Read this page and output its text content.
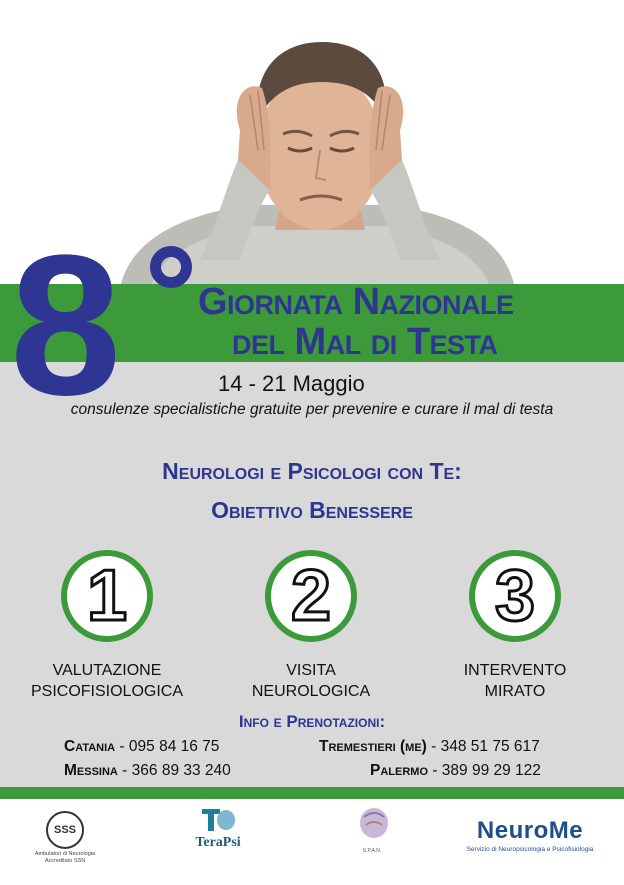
8 Giornata Nazionale
del Mal di Testa
14 - 21 Maggio
consulenze specialistiche gratuite per prevenire e curare il mal di testa
Neurologi e Psicologi con Te:
Obiettivo Benessere
1
VALUTAZIONE
PSICOFISIOLOGICA
2
VISITA
NEUROLOGICA
3
INTERVENTO
MIRATO
Info e Prenotazioni:
Catania - 095 84 16 75
Messina - 366 89 33 240
Tremestieri (me) - 348 51 75 617
Palermo - 389 99 29 122
SSS
Ambulatori di Neurologia Accreditato SSN
TeraPsi
S.P.A.N.
NeuroMe
Servizio di Neuropsicologia e Psicofisiologia
